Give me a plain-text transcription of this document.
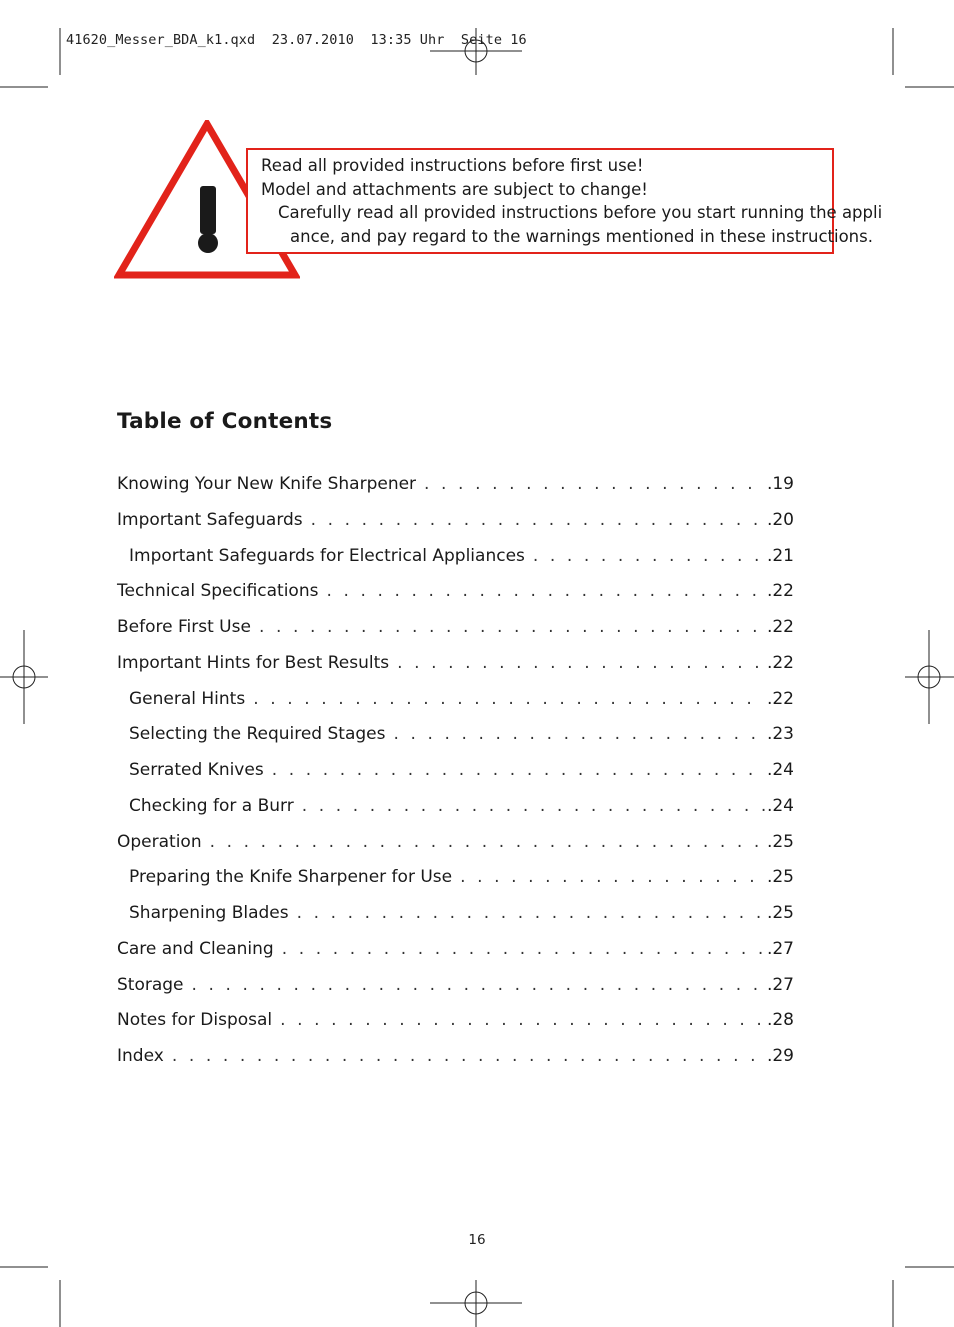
41620_Messer_BDA_k1.qxd  23.07.2010  13:35 Uhr  Seite 16
Read all provided instructions before first use!
Model and attachments are subject to change!
Carefully read all provided instructions before you start running the appli
ance, and pay regard to the warnings mentioned in these instructions.
Table of Contents
Knowing Your New Knife Sharpener . . .	.19
Important Safeguards . . .	.20
Important Safeguards for Electrical Appliances . . .	.21
Technical Specifications . . .	.22
Before First Use . . .	.22
Important Hints for Best Results . . .	.22
General Hints . . .	.22
Selecting the Required Stages . . .	.23
Serrated Knives . . .	.24
Checking for a Burr . . .	.24
Operation . . .	.25
Preparing the Knife Sharpener for Use . . .	.25
Sharpening Blades . . .	.25
Care and Cleaning . . .	.27
Storage . . .	.27
Notes for Disposal . . .	.28
Index . . .	.29
16
